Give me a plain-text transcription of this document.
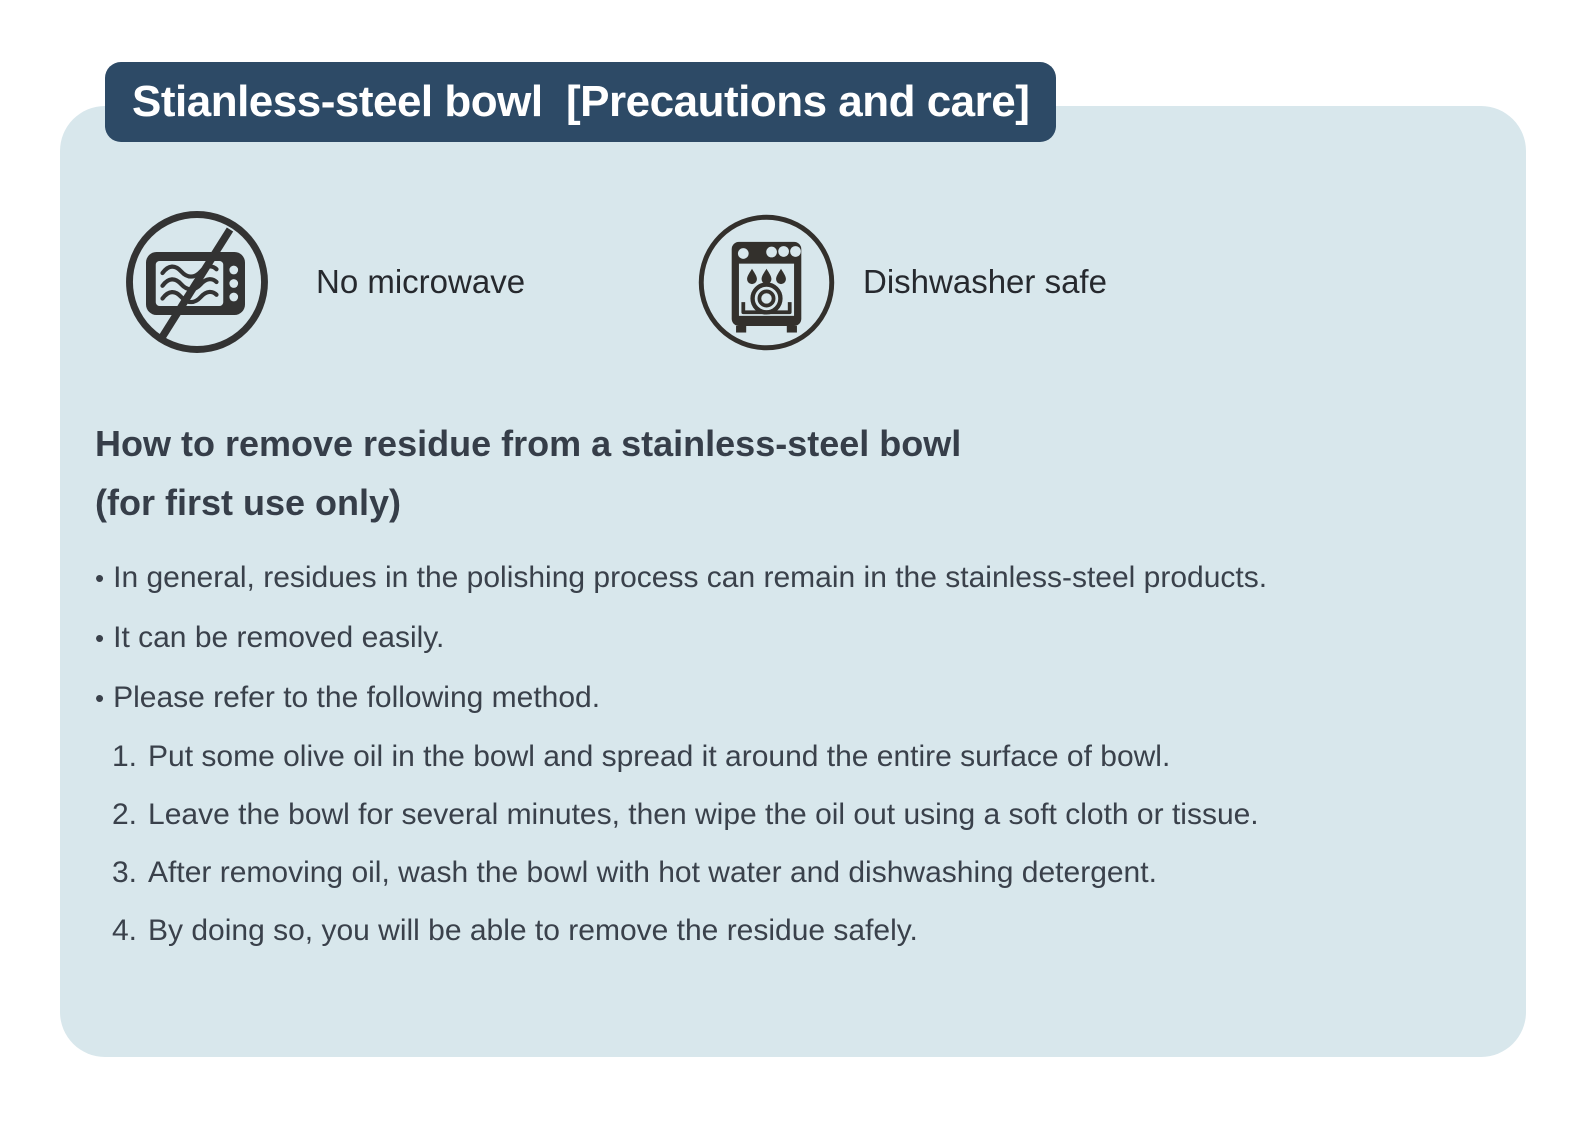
Stianless-steel bowl  [Precautions and care]
No microwave	Dishwasher safe
How to remove residue from a stainless-steel bowl
(for first use only)
• In general, residues in the polishing process can remain in the stainless-steel products.
• It can be removed easily.
• Please refer to the following method.
1. Put some olive oil in the bowl and spread it around the entire surface of bowl.
2. Leave the bowl for several minutes, then wipe the oil out using a soft cloth or tissue.
3. After removing oil, wash the bowl with hot water and dishwashing detergent.
4. By doing so, you will be able to remove the residue safely.
